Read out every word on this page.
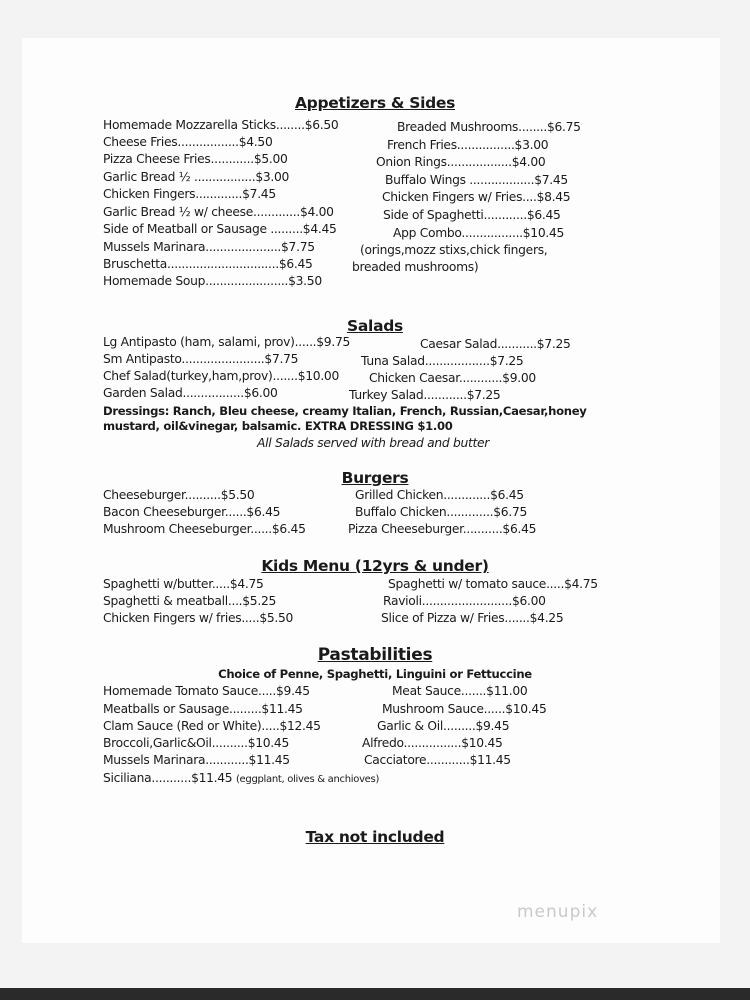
Appetizers & Sides
Homemade Mozzarella Sticks........$6.50
Cheese Fries.................$4.50
Pizza Cheese Fries............$5.00
Garlic Bread ½ .................$3.00
Chicken Fingers.............$7.45
Garlic Bread ½ w/ cheese.............$4.00
Side of Meatball or Sausage .........$4.45
Mussels Marinara.....................$7.75
Bruschetta...............................$6.45
Homemade Soup.......................$3.50
Breaded Mushrooms........$6.75
French Fries................$3.00
Onion Rings..................$4.00
Buffalo Wings ..................$7.45
Chicken Fingers w/ Fries....$8.45
Side of Spaghetti............$6.45
App Combo.................$10.45
(orings,mozz stixs,chick fingers,
breaded mushrooms)
Salads
Lg Antipasto (ham, salami, prov)......$9.75
Sm Antipasto.......................$7.75
Chef Salad(turkey,ham,prov).......$10.00
Garden Salad.................$6.00
Caesar Salad...........$7.25
Tuna Salad..................$7.25
Chicken Caesar............$9.00
Turkey Salad............$7.25
Dressings: Ranch, Bleu cheese, creamy Italian, French, Russian,Caesar,honey
mustard, oil&vinegar, balsamic. EXTRA DRESSING $1.00
All Salads served with bread and butter
Burgers
Cheeseburger..........$5.50
Bacon Cheeseburger......$6.45
Mushroom Cheeseburger......$6.45
Grilled Chicken.............$6.45
Buffalo Chicken.............$6.75
Pizza Cheeseburger...........$6.45
Kids Menu (12yrs & under)
Spaghetti w/butter.....$4.75
Spaghetti & meatball....$5.25
Chicken Fingers w/ fries.....$5.50
Spaghetti w/ tomato sauce.....$4.75
Ravioli.........................$6.00
Slice of Pizza w/ Fries.......$4.25
Pastabilities
Choice of Penne, Spaghetti, Linguini or Fettuccine
Homemade Tomato Sauce.....$9.45
Meatballs or Sausage.........$11.45
Clam Sauce (Red or White).....$12.45
Broccoli,Garlic&Oil..........$10.45
Mussels Marinara............$11.45
Siciliana...........$11.45 (eggplant, olives & anchioves)
Meat Sauce.......$11.00
Mushroom Sauce......$10.45
Garlic & Oil.........$9.45
Alfredo................$10.45
Cacciatore............$11.45
Tax not included
menupix
